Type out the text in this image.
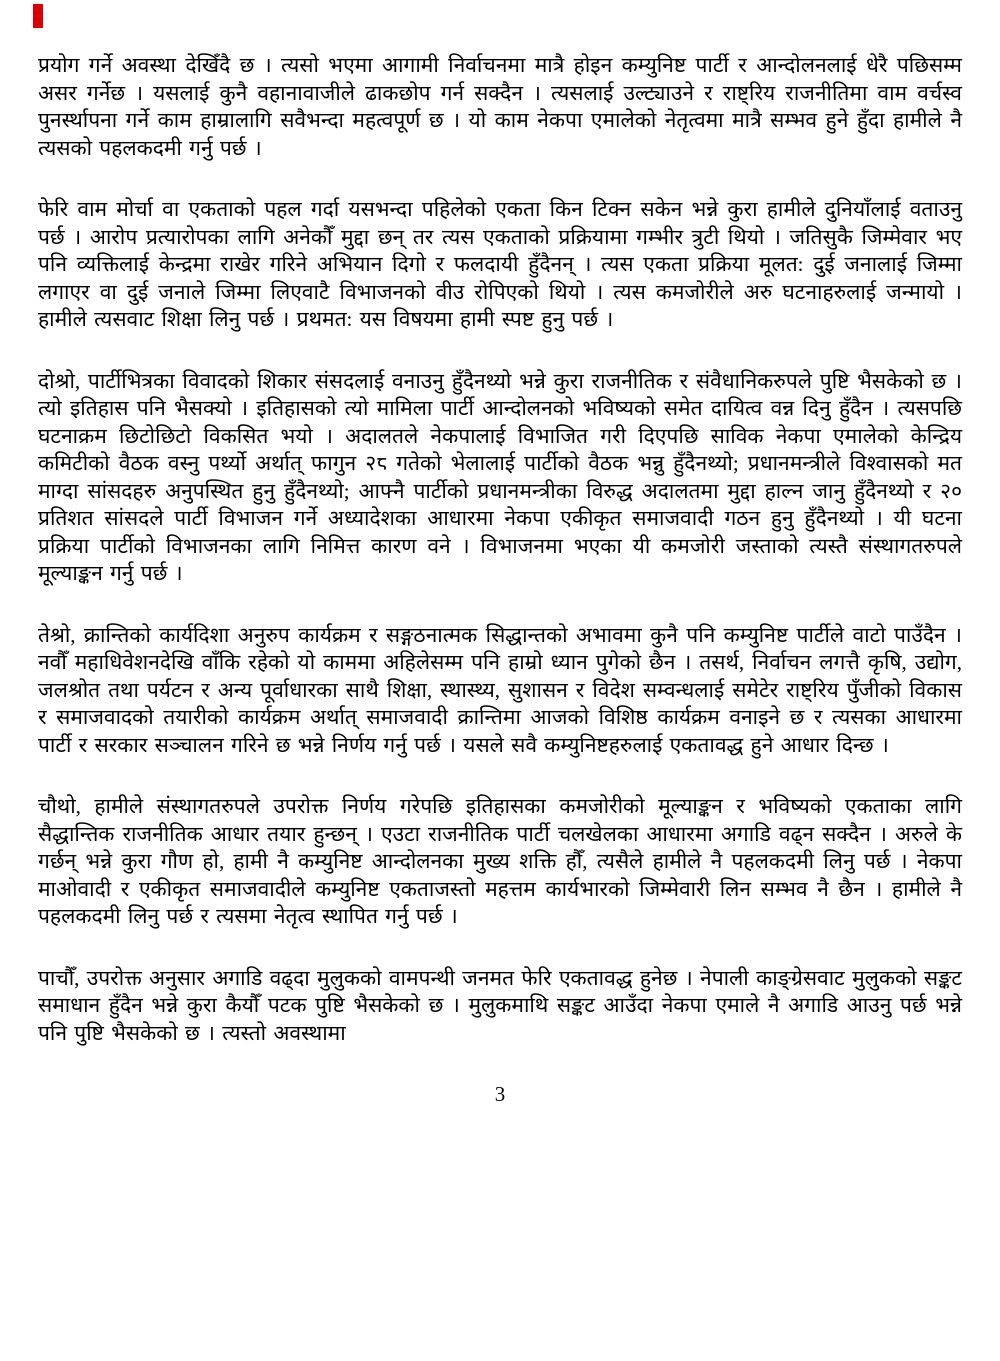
प्रयोग गर्ने अवस्था देखिँदै छ । त्यसो भएमा आगामी निर्वाचनमा मात्रै होइन कम्युनिष्ट पार्टी र आन्दोलनलाई धेरै पछिसम्म असर गर्नेछ । यसलाई कुनै वहानावाजीले ढाकछोप गर्न सक्दैन । त्यसलाई उल्ट्याउने र राष्ट्रिय राजनीतिमा वाम वर्चस्व पुनर्स्थापना गर्ने काम हाम्रालागि सवैभन्दा महत्वपूर्ण छ । यो काम नेकपा एमालेको नेतृत्वमा मात्रै सम्भव हुने हुँदा हामीले नै त्यसको पहलकदमी गर्नु पर्छ ।

फेरि वाम मोर्चा वा एकताको पहल गर्दा यसभन्दा पहिलेको एकता किन टिक्न सकेन भन्ने कुरा हामीले दुनियाँलाई वताउनु पर्छ । आरोप प्रत्यारोपका लागि अनेकौँ मुद्दा छन् तर त्यस एकताको प्रक्रियामा गम्भीर त्रुटी थियो । जतिसुकै जिम्मेवार भए पनि व्यक्तिलाई केन्द्रमा राखेर गरिने अभियान दिगो र फलदायी हुँदैनन् । त्यस एकता प्रक्रिया मूलत: दुई जनालाई जिम्मा लगाएर वा दुई जनाले जिम्मा लिएवाटै विभाजनको वीउ रोपिएको थियो । त्यस कमजोरीले अरु घटनाहरुलाई जन्मायो । हामीले त्यसवाट शिक्षा लिनु पर्छ । प्रथमत: यस विषयमा हामी स्पष्ट हुनु पर्छ ।

दोश्रो, पार्टीभित्रका विवादको शिकार संसदलाई वनाउनु हुँदैनथ्यो भन्ने कुरा राजनीतिक र संवैधानिकरुपले पुष्टि भैसकेको छ । त्यो इतिहास पनि भैसक्यो । इतिहासको त्यो मामिला पार्टी आन्दोलनको भविष्यको समेत दायित्व वन्न दिनु हुँदैन । त्यसपछि घटनाक्रम छिटोछिटो विकसित भयो । अदालतले नेकपालाई विभाजित गरी दिएपछि साविक नेकपा एमालेको केन्द्रिय कमिटीको वैठक वस्नु पर्थ्यो अर्थात् फागुन २८ गतेको भेलालाई पार्टीको वैठक भन्नु हुँदैनथ्यो; प्रधानमन्त्रीले विश्वासको मत माग्दा सांसदहरु अनुपस्थित हुनु हुँदैनथ्यो; आफ्नै पार्टीको प्रधानमन्त्रीका विरुद्ध अदालतमा मुद्दा हाल्न जानु हुँदैनथ्यो र २० प्रतिशत सांसदले पार्टी विभाजन गर्ने अध्यादेशका आधारमा नेकपा एकीकृत समाजवादी गठन हुनु हुँदैनथ्यो । यी घटना प्रक्रिया पार्टीको विभाजनका लागि निमित्त कारण वने । विभाजनमा भएका यी कमजोरी जस्ताको त्यस्तै संस्थागतरुपले मूल्याङ्कन गर्नु पर्छ ।

तेश्रो, क्रान्तिको कार्यदिशा अनुरुप कार्यक्रम र सङ्गठनात्मक सिद्धान्तको अभावमा कुनै पनि कम्युनिष्ट पार्टीले वाटो पाउँदैन । नवौँ महाधिवेशनदेखि वाँकि रहेको यो काममा अहिलेसम्म पनि हाम्रो ध्यान पुगेको छैन । तसर्थ, निर्वाचन लगत्तै कृषि, उद्योग, जलश्रोत तथा पर्यटन र अन्य पूर्वाधारका साथै शिक्षा, स्थास्थ्य, सुशासन र विदेश सम्वन्धलाई समेटेर राष्ट्रिय पुँजीको विकास र समाजवादको तयारीको कार्यक्रम अर्थात् समाजवादी क्रान्तिमा आजको विशिष्ठ कार्यक्रम वनाइने छ र त्यसका आधारमा पार्टी र सरकार सञ्चालन गरिने छ भन्ने निर्णय गर्नु पर्छ । यसले सवै कम्युनिष्टहरुलाई एकतावद्ध हुने आधार दिन्छ ।

चौथो, हामीले संस्थागतरुपले उपरोक्त निर्णय गरेपछि इतिहासका कमजोरीको मूल्याङ्कन र भविष्यको एकताका लागि सैद्धान्तिक राजनीतिक आधार तयार हुन्छन् । एउटा राजनीतिक पार्टी चलखेलका आधारमा अगाडि वढ्न सक्दैन । अरुले के गर्छन् भन्ने कुरा गौण हो, हामी नै कम्युनिष्ट आन्दोलनका मुख्य शक्ति हौँ, त्यसैले हामीले नै पहलकदमी लिनु पर्छ । नेकपा माओवादी र एकीकृत समाजवादीले कम्युनिष्ट एकताजस्तो महत्तम कार्यभारको जिम्मेवारी लिन सम्भव नै छैन । हामीले नै पहलकदमी लिनु पर्छ र त्यसमा नेतृत्व स्थापित गर्नु पर्छ ।

पाचौँ, उपरोक्त अनुसार अगाडि वढ्दा मुलुकको वामपन्थी जनमत फेरि एकतावद्ध हुनेछ । नेपाली काङ्ग्रेसवाट मुलुकको सङ्कट समाधान हुँदैन भन्ने कुरा कैयौँ पटक पुष्टि भैसकेको छ । मुलुकमाथि सङ्कट आउँदा नेकपा एमाले नै अगाडि आउनु पर्छ भन्ने पनि पुष्टि भैसकेको छ । त्यस्तो अवस्थामा

3
